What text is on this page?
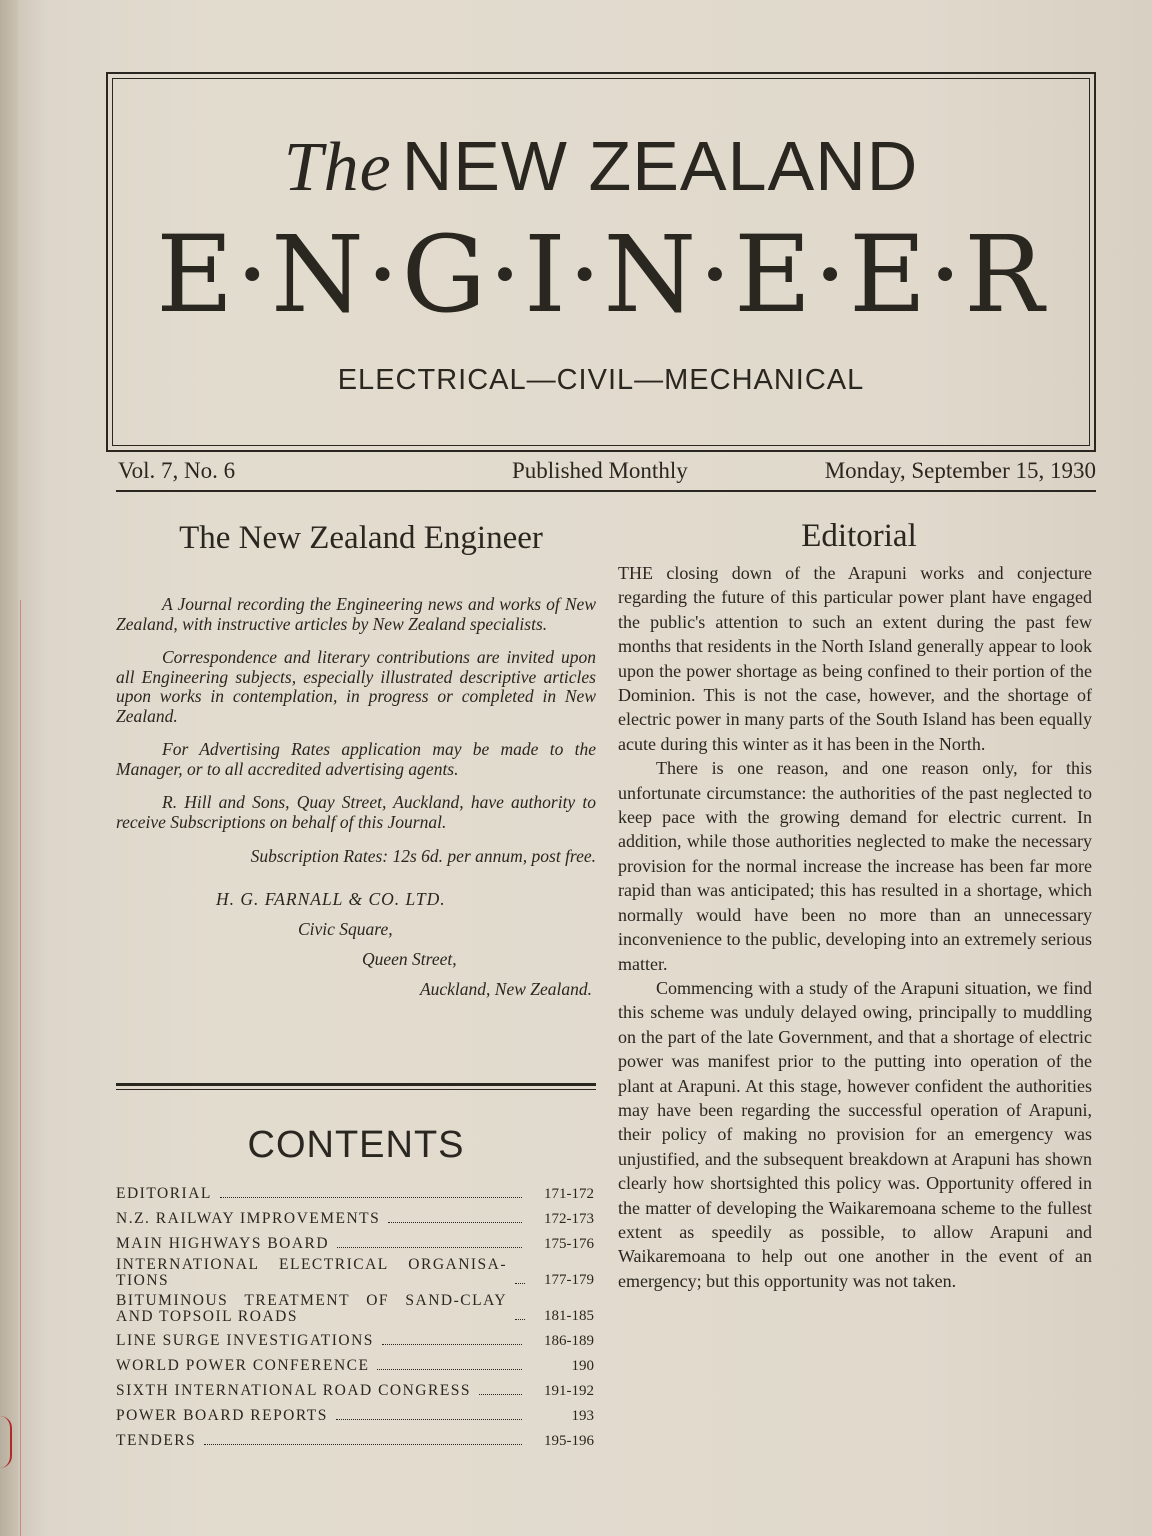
The NEW ZEALAND
E·N·G·I·N·E·E·R
ELECTRICAL—CIVIL—MECHANICAL
Vol. 7, No. 6	Published Monthly	Monday, September 15, 1930
The New Zealand Engineer

A Journal recording the Engineering news and works of New Zealand, with instructive articles by New Zealand specialists.

Correspondence and literary contributions are invited upon all Engineering subjects, especially illustrated descriptive articles upon works in contemplation, in progress or completed in New Zealand.

For Advertising Rates application may be made to the Manager, or to all accredited advertising agents.

R. Hill and Sons, Quay Street, Auckland, have authority to receive Subscriptions on behalf of this Journal.

Subscription Rates: 12s 6d. per annum, post free.

H. G. FARNALL & CO. LTD.
Civic Square,
Queen Street,
Auckland, New Zealand.
CONTENTS
EDITORIAL	171-172
N.Z. RAILWAY IMPROVEMENTS	172-173
MAIN HIGHWAYS BOARD	175-176
INTERNATIONAL ELECTRICAL ORGANISA- TIONS	177-179
BITUMINOUS TREATMENT OF SAND-CLAY AND TOPSOIL ROADS	181-185
LINE SURGE INVESTIGATIONS	186-189
WORLD POWER CONFERENCE	190
SIXTH INTERNATIONAL ROAD CONGRESS	191-192
POWER BOARD REPORTS	193
TENDERS	195-196
Editorial

THE closing down of the Arapuni works and conjecture regarding the future of this particular power plant have engaged the public's attention to such an extent during the past few months that residents in the North Island generally appear to look upon the power shortage as being confined to their portion of the Dominion. This is not the case, however, and the shortage of electric power in many parts of the South Island has been equally acute during this winter as it has been in the North.

There is one reason, and one reason only, for this unfortunate circumstance: the authorities of the past neglected to keep pace with the growing demand for electric current. In addition, while those authorities neglected to make the necessary provision for the normal increase the increase has been far more rapid than was anticipated; this has resulted in a shortage, which normally would have been no more than an unnecessary inconvenience to the public, developing into an extremely serious matter.

Commencing with a study of the Arapuni situation, we find this scheme was unduly delayed owing, principally to muddling on the part of the late Government, and that a shortage of electric power was manifest prior to the putting into operation of the plant at Arapuni. At this stage, however confident the authorities may have been regarding the successful operation of Arapuni, their policy of making no provision for an emergency was unjustified, and the subsequent breakdown at Arapuni has shown clearly how shortsighted this policy was. Opportunity offered in the matter of developing the Waikaremoana scheme to the fullest extent as speedily as possible, to allow Arapuni and Waikaremoana to help out one another in the event of an emergency; but this opportunity was not taken.
